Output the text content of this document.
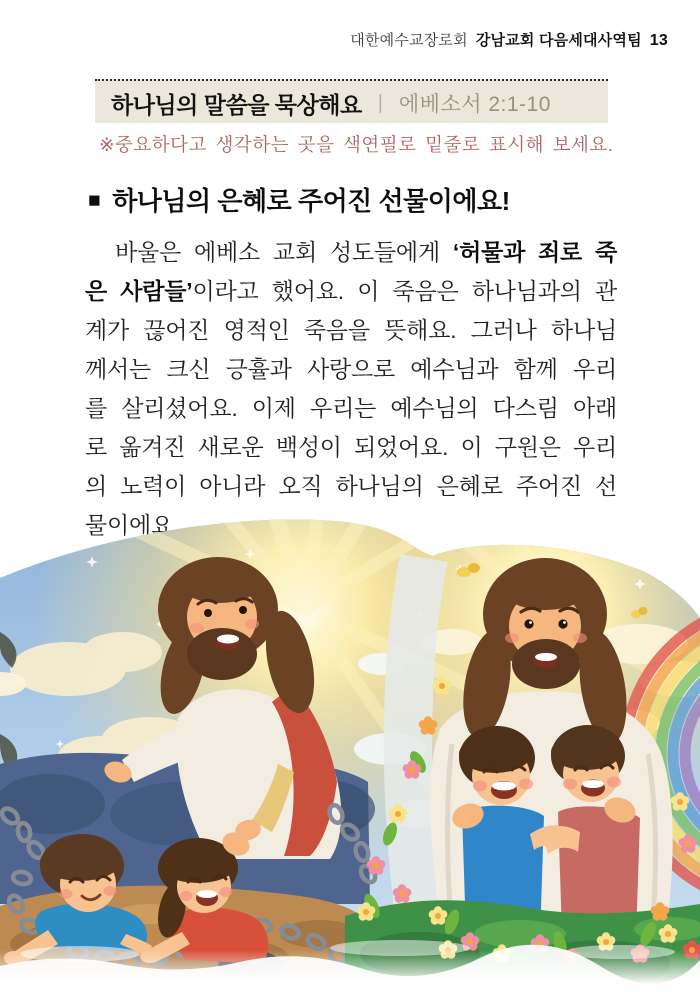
대한예수교장로회 강남교회 다음세대사역팀 13
하나님의 말씀을 묵상해요 | 에베소서 2:1-10
※중요하다고 생각하는 곳을 색연필로 밑줄로 표시해 보세요.
■ 하나님의 은혜로 주어진 선물이에요!
바울은 에베소 교회 성도들에게 ‘허물과 죄로 죽은 사람들’이라고 했어요. 이 죽음은 하나님과의 관계가 끊어진 영적인 죽음을 뜻해요. 그러나 하나님께서는 크신 긍휼과 사랑으로 예수님과 함께 우리를 살리셨어요. 이제 우리는 예수님의 다스림 아래로 옮겨진 새로운 백성이 되었어요. 이 구원은 우리의 노력이 아니라 오직 하나님의 은혜로 주어진 선물이에요.
